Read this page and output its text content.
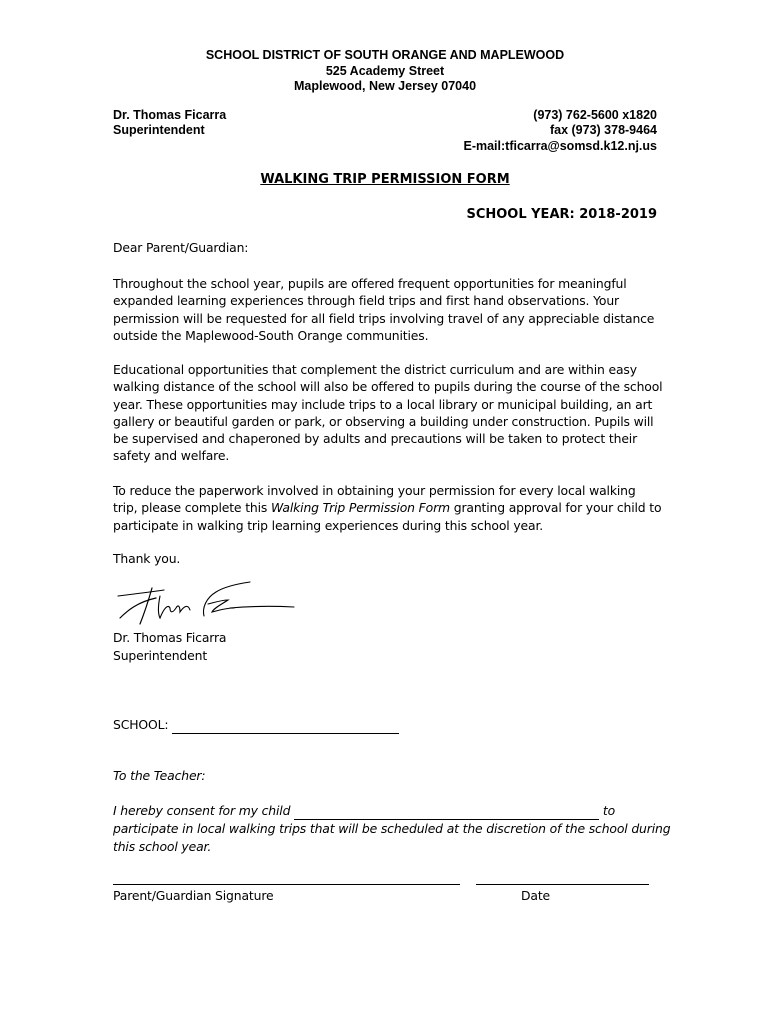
SCHOOL DISTRICT OF SOUTH ORANGE AND MAPLEWOOD
525 Academy Street
Maplewood, New Jersey 07040
Dr. Thomas Ficarra
Superintendent
(973) 762-5600 x1820
fax (973) 378-9464
E-mail:tficarra@somsd.k12.nj.us
WALKING TRIP PERMISSION FORM
SCHOOL YEAR: 2018-2019

Dear Parent/Guardian:

Throughout the school year, pupils are offered frequent opportunities for meaningful expanded learning experiences through field trips and first hand observations. Your permission will be requested for all field trips involving travel of any appreciable distance outside the Maplewood-South Orange communities.

Educational opportunities that complement the district curriculum and are within easy walking distance of the school will also be offered to pupils during the course of the school year. These opportunities may include trips to a local library or municipal building, an art gallery or beautiful garden or park, or observing a building under construction. Pupils will be supervised and chaperoned by adults and precautions will be taken to protect their safety and welfare.

To reduce the paperwork involved in obtaining your permission for every local walking trip, please complete this Walking Trip Permission Form granting approval for your child to participate in walking trip learning experiences during this school year.

Thank you.

Dr. Thomas Ficarra

Superintendent

SCHOOL:

To the Teacher:

I hereby consent for my child	to
participate in local walking trips that will be scheduled at the discretion of the school during this school year.

Parent/Guardian Signature	Date
